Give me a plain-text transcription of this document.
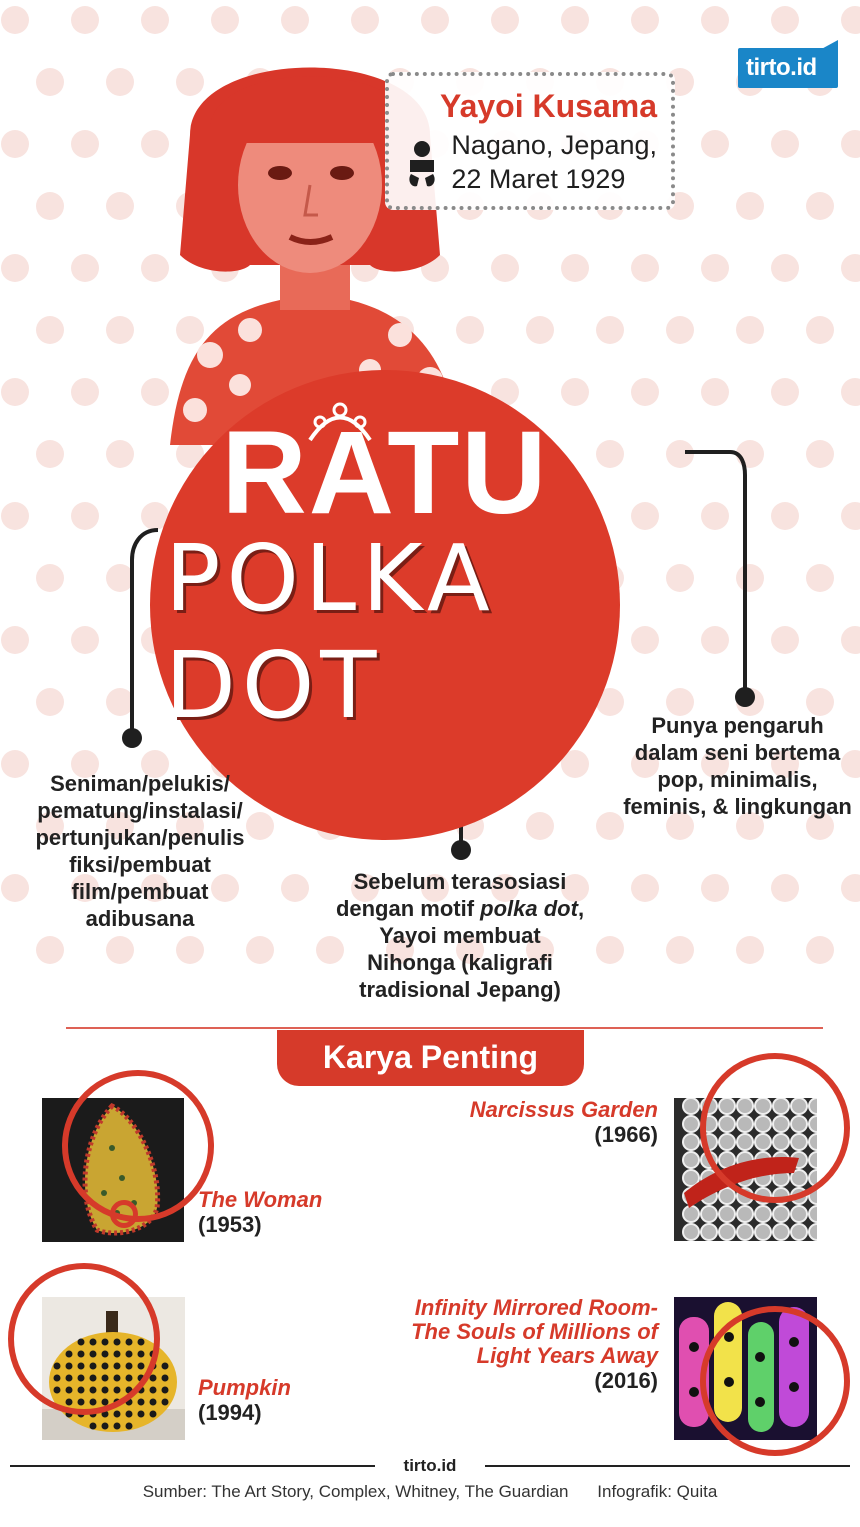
tirto.id
Yayoi Kusama
Nagano, Jepang,
22 Maret 1929
RATU
POLKA DOT
Seniman/pelukis/
pematung/instalasi/
pertunjukan/penulis
fiksi/pembuat
film/pembuat
adibusana
Sebelum terasosiasi
dengan motif polka dot,
Yayoi membuat
Nihonga (kaligrafi
tradisional Jepang)
Punya pengaruh
dalam seni bertema
pop, minimalis,
feminis, & lingkungan
Karya Penting
The Woman
(1953)
Narcissus Garden
(1966)
Pumpkin
(1994)
Infinity Mirrored Room-
The Souls of Millions of
Light Years Away
(2016)
tirto.id
Sumber: The Art Story, Complex, Whitney, The Guardian Infografik: Quita
